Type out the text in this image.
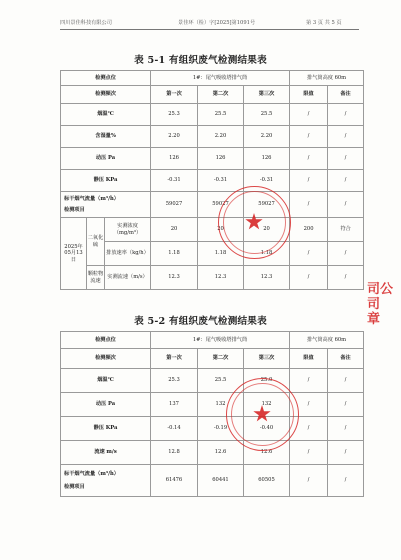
四川景佳科技有限公司	景佳环（检）字[2025]第1091号	第 3 页 共 5 页
表 5-1 有组织废气检测结果表
检测点位			1#：尾气吸收塔排气筒			排气筒高度 60m	
检测频次			第一次	第二次	第三次	限值	备注
烟温℃			25.3	25.5	25.5	/	/
含湿量%			2.20	2.20	2.20	/	/
动压 Pa			126	126	126	/	/
静压 KPa			-0.31	-0.31	-0.31	/	/

标干烟气流量（m³/h）
检测项目			59027	59027	59027	/	/
2025年05月13日	二氧化硫	实测浓度（mg/m³）	20	20	20	200	符合
		排放速率（kg/h）	1.18	1.18	1.18	/	/
	颗粒物流速	实测流速（m/s）	12.3	12.3	12.3	/	/
表 5-2 有组织废气检测结果表
检测点位	1#：尾气吸收塔排气筒			排气筒高度 60m	
检测频次	第一次	第二次	第三次	限值	备注
烟温℃	25.3	25.5	25.0	/	/
动压 Pa	137	132	132	/	/
静压 KPa	-0.14	-0.19	-0.40	/	/
流速 m/s	12.8	12.6	12.6	/	/

标干烟气流量（m³/h）
检测项目	61476	60441	60505	/	/
司公司
章
